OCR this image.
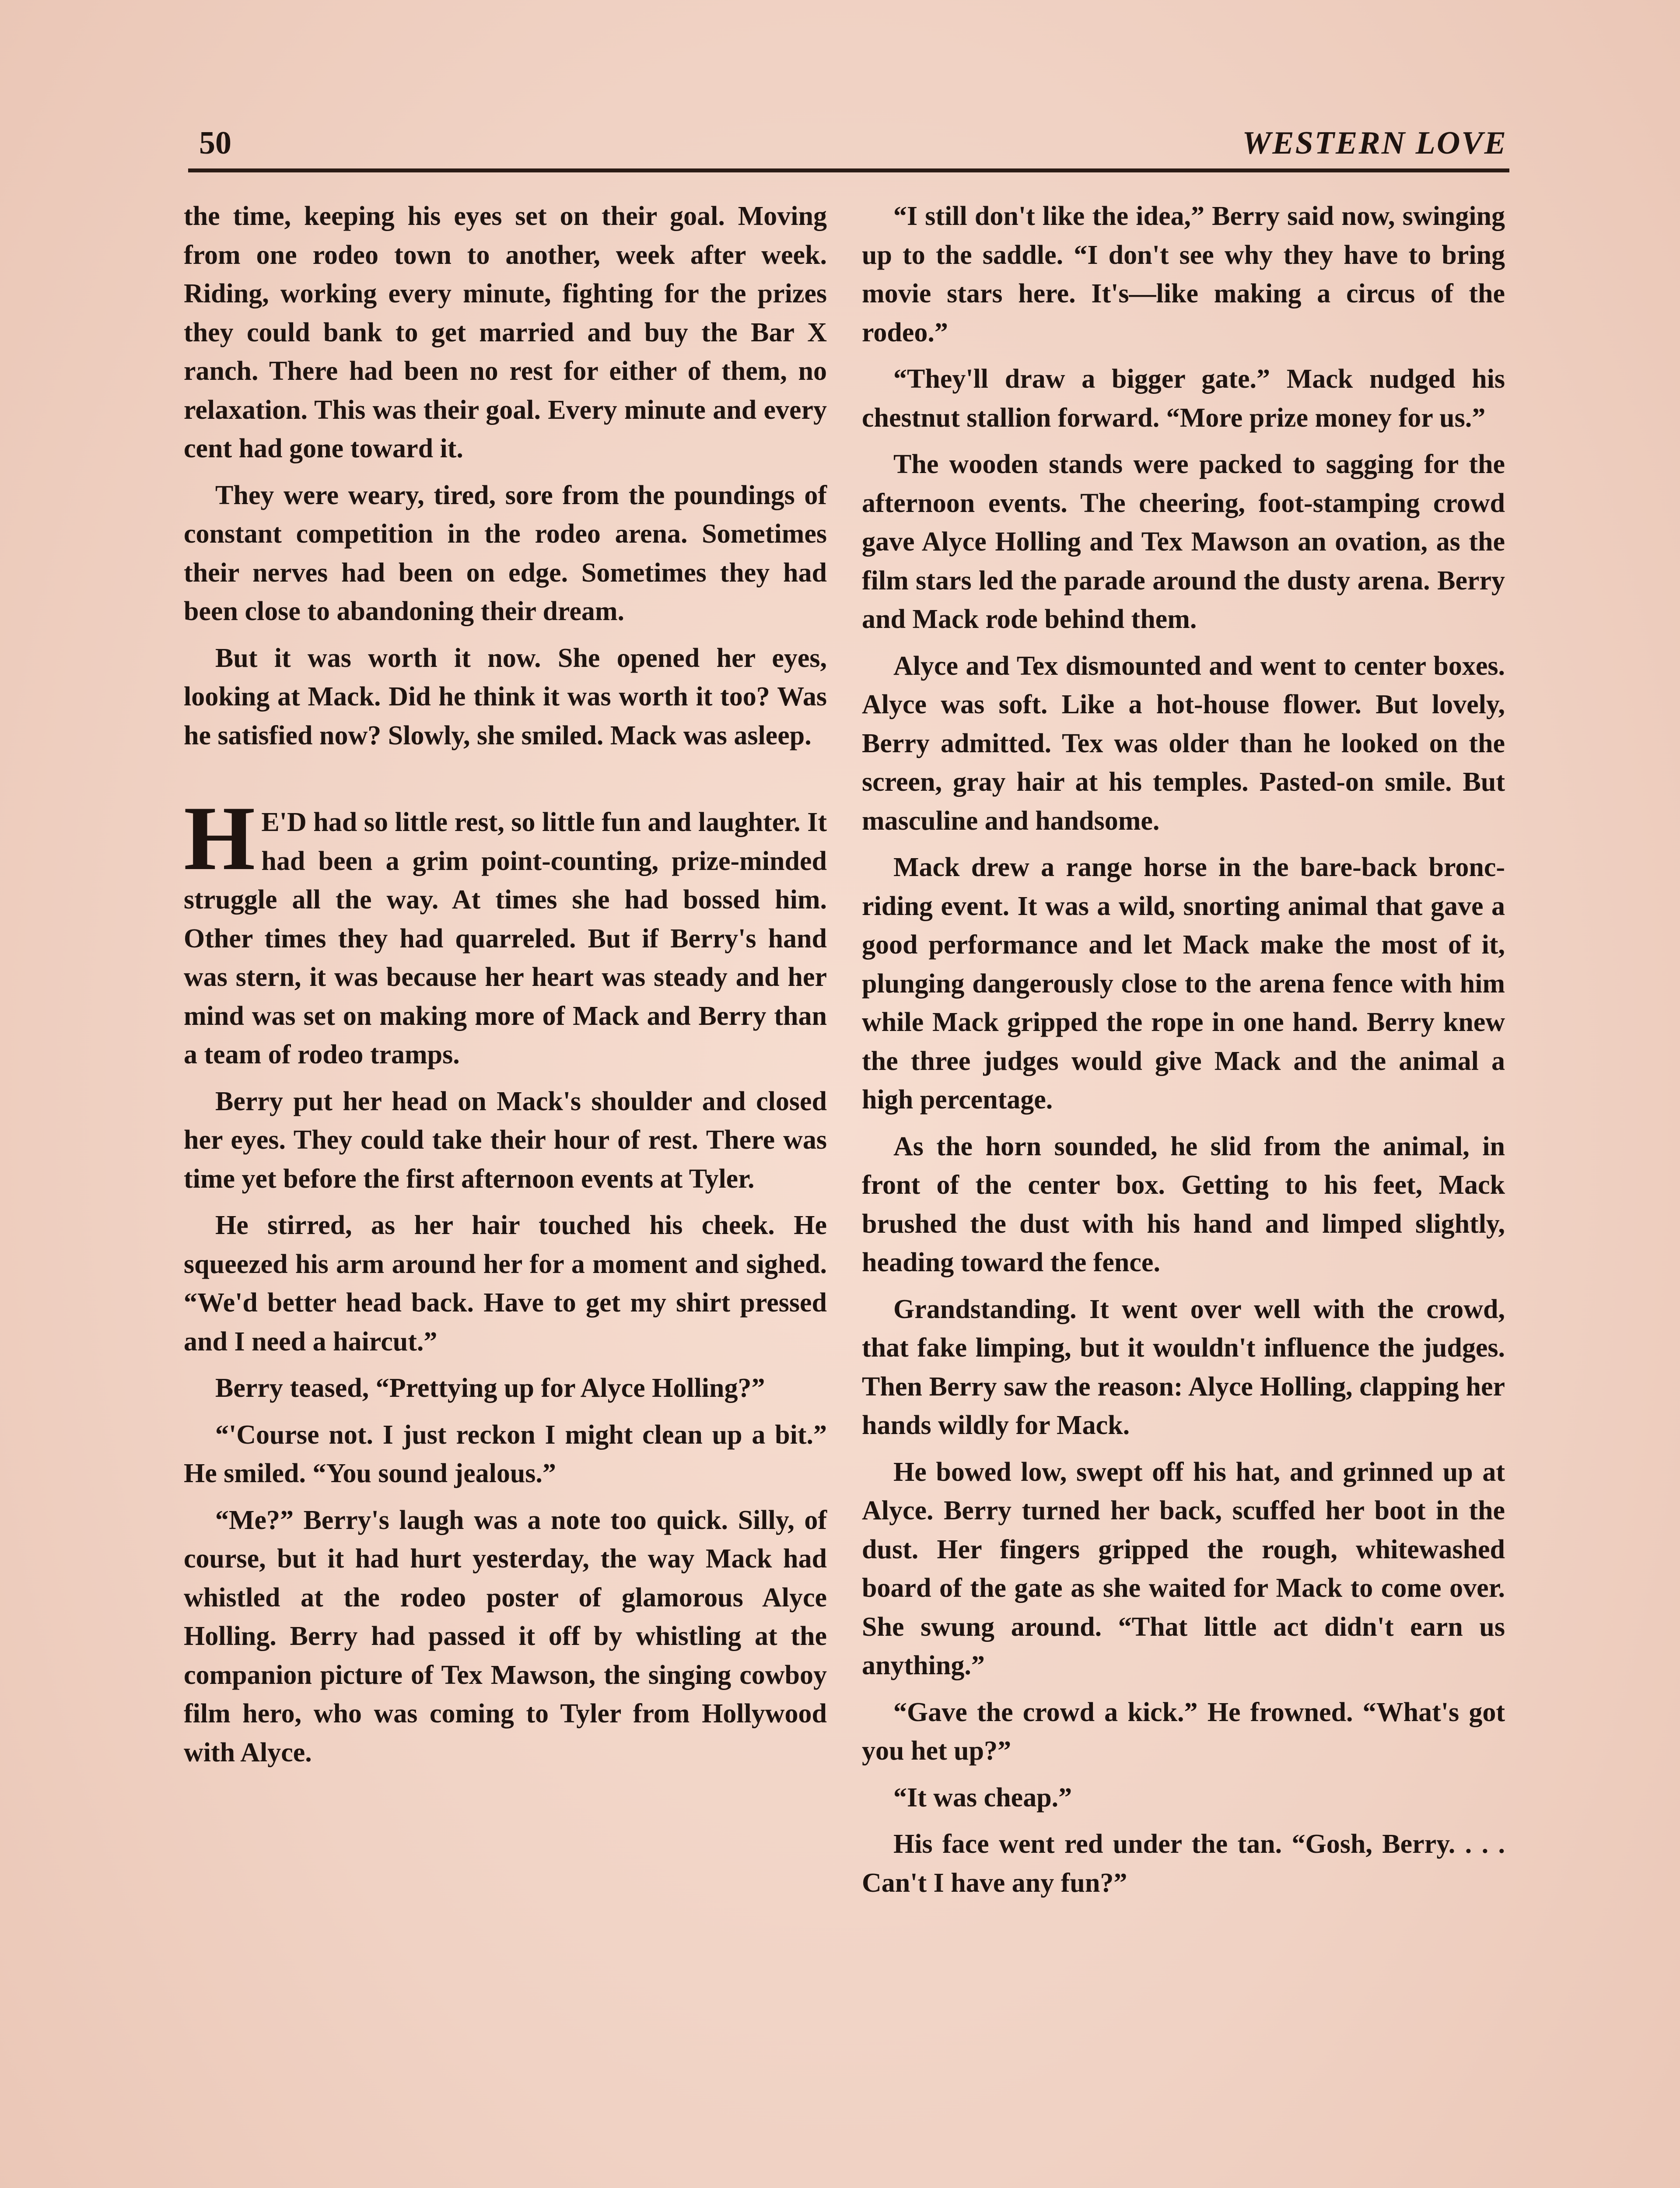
50	WESTERN LOVE

the time, keeping his eyes set on their goal. Moving from one rodeo town to another, week after week. Riding, working every minute, fighting for the prizes they could bank to get married and buy the Bar X ranch. There had been no rest for either of them, no relaxation. This was their goal. Every minute and every cent had gone toward it.

They were weary, tired, sore from the poundings of constant competition in the rodeo arena. Sometimes their nerves had been on edge. Sometimes they had been close to abandoning their dream.

But it was worth it now. She opened her eyes, looking at Mack. Did he think it was worth it too? Was he satisfied now? Slowly, she smiled. Mack was asleep.

H E'D had so little rest, so little fun and laughter. It had been a grim point-counting, prize-minded struggle all the way. At times she had bossed him. Other times they had quarreled. But if Berry's hand was stern, it was because her heart was steady and her mind was set on making more of Mack and Berry than a team of rodeo tramps.

Berry put her head on Mack's shoulder and closed her eyes. They could take their hour of rest. There was time yet before the first afternoon events at Tyler.

He stirred, as her hair touched his cheek. He squeezed his arm around her for a moment and sighed. “We'd better head back. Have to get my shirt pressed and I need a haircut.”

Berry teased, “Prettying up for Alyce Holling?”

“'Course not. I just reckon I might clean up a bit.” He smiled. “You sound jealous.”

“Me?” Berry's laugh was a note too quick. Silly, of course, but it had hurt yesterday, the way Mack had whistled at the rodeo poster of glamorous Alyce Holling. Berry had passed it off by whistling at the companion picture of Tex Mawson, the singing cowboy film hero, who was coming to Tyler from Hollywood with Alyce.

“I still don't like the idea,” Berry said now, swinging up to the saddle. “I don't see why they have to bring movie stars here. It's—like making a circus of the rodeo.”

“They'll draw a bigger gate.” Mack nudged his chestnut stallion forward. “More prize money for us.”

The wooden stands were packed to sagging for the afternoon events. The cheering, foot-stamping crowd gave Alyce Holling and Tex Mawson an ovation, as the film stars led the parade around the dusty arena. Berry and Mack rode behind them.

Alyce and Tex dismounted and went to center boxes. Alyce was soft. Like a hot-house flower. But lovely, Berry admitted. Tex was older than he looked on the screen, gray hair at his temples. Pasted-on smile. But masculine and handsome.

Mack drew a range horse in the bare-back bronc-riding event. It was a wild, snorting animal that gave a good performance and let Mack make the most of it, plunging dangerously close to the arena fence with him while Mack gripped the rope in one hand. Berry knew the three judges would give Mack and the animal a high percentage.

As the horn sounded, he slid from the animal, in front of the center box. Getting to his feet, Mack brushed the dust with his hand and limped slightly, heading toward the fence.

Grandstanding. It went over well with the crowd, that fake limping, but it wouldn't influence the judges. Then Berry saw the reason: Alyce Holling, clapping her hands wildly for Mack.

He bowed low, swept off his hat, and grinned up at Alyce. Berry turned her back, scuffed her boot in the dust. Her fingers gripped the rough, whitewashed board of the gate as she waited for Mack to come over. She swung around. “That little act didn't earn us anything.”

“Gave the crowd a kick.” He frowned. “What's got you het up?”

“It was cheap.”

His face went red under the tan. “Gosh, Berry. . . . Can't I have any fun?”
